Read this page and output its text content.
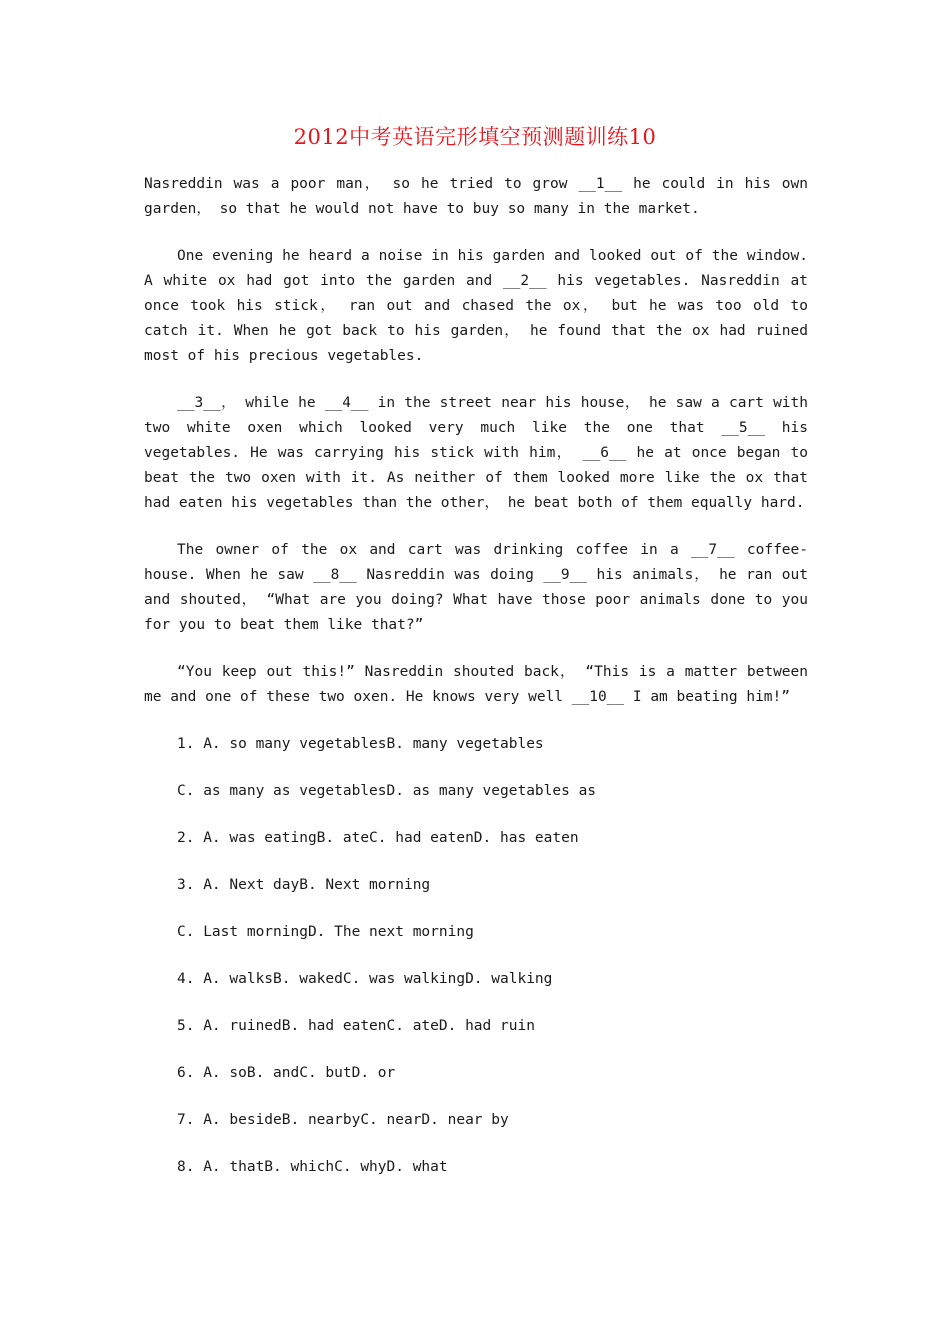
2012中考英语完形填空预测题训练10

Nasreddin was a poor man， so he tried to grow __1__ he could in his own garden， so that he would not have to buy so many in the market.

One evening he heard a noise in his garden and looked out of the window. A white ox had got into the garden and __2__ his vegetables. Nasreddin at once took his stick， ran out and chased the ox， but he was too old to catch it. When he got back to his garden， he found that the ox had ruined most of his precious vegetables.

__3__， while he __4__ in the street near his house， he saw a cart with two white oxen which looked very much like the one that __5__ his vegetables. He was carrying his stick with him， __6__ he at once began to beat the two oxen with it. As neither of them looked more like the ox that had eaten his vegetables than the other， he beat both of them equally hard.

The owner of the ox and cart was drinking coffee in a __7__ coffee-house. When he saw __8__ Nasreddin was doing __9__ his animals， he ran out and shouted， “What are you doing? What have those poor animals done to you for you to beat them like that?”

“You keep out this!” Nasreddin shouted back， “This is a matter between me and one of these two oxen. He knows very well __10__ I am beating him!”

1. A. so many vegetablesB. many vegetables

C. as many as vegetablesD. as many vegetables as

2. A. was eatingB. ateC. had eatenD. has eaten

3. A. Next dayB. Next morning

C. Last morningD. The next morning

4. A. walksB. wakedC. was walkingD. walking

5. A. ruinedB. had eatenC. ateD. had ruin

6. A. soB. andC. butD. or

7. A. besideB. nearbyC. nearD. near by

8. A. thatB. whichC. whyD. what
